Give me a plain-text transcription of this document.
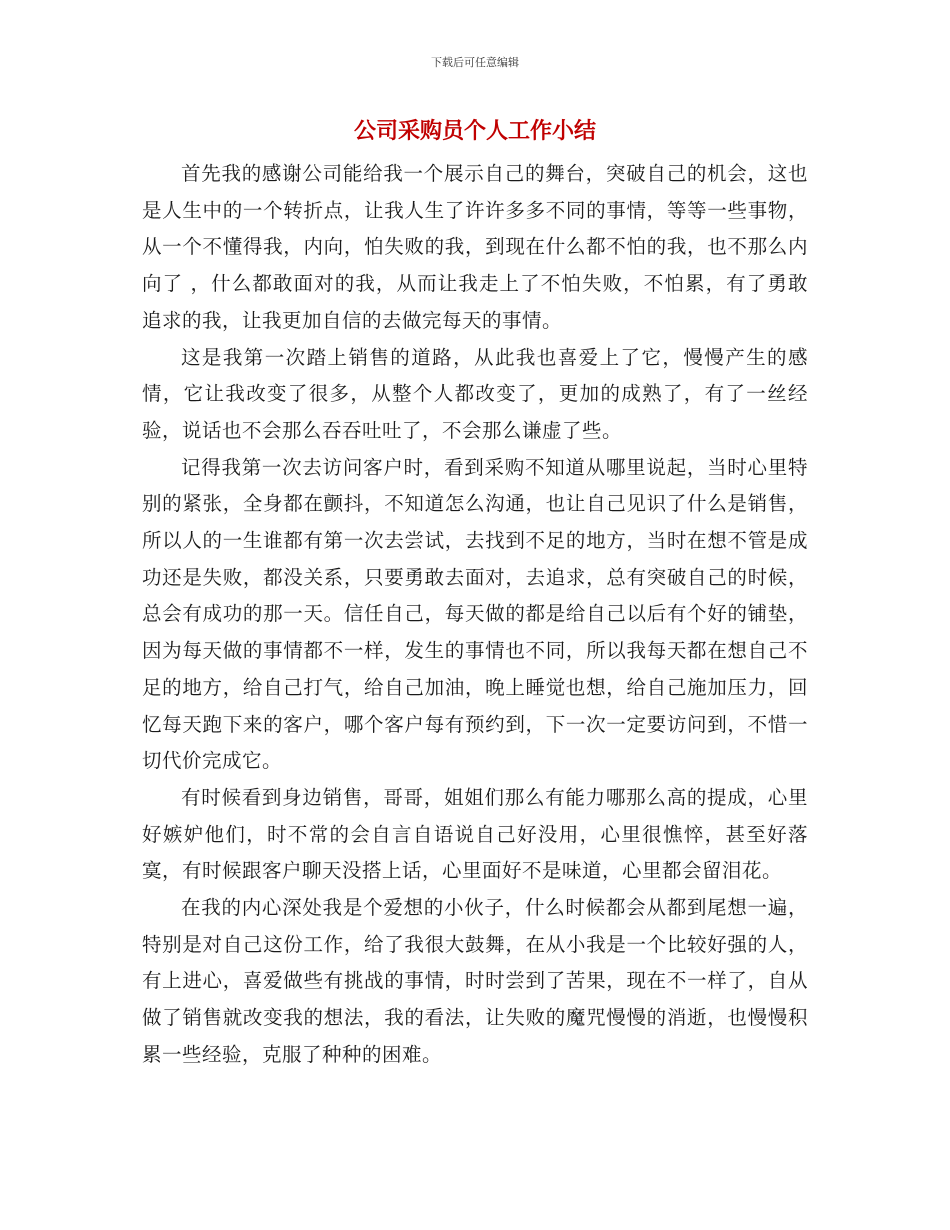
下载后可任意编辑
公司采购员个人工作小结

首先我的感谢公司能给我一个展示自己的舞台，突破自己的机会，这也是人生中的一个转折点，让我人生了许许多多不同的事情，等等一些事物，从一个不懂得我，内向，怕失败的我，到现在什么都不怕的我，也不那么内向了 ，什么都敢面对的我，从而让我走上了不怕失败，不怕累，有了勇敢追求的我，让我更加自信的去做完每天的事情。

这是我第一次踏上销售的道路，从此我也喜爱上了它，慢慢产生的感情，它让我改变了很多，从整个人都改变了，更加的成熟了，有了一丝经验，说话也不会那么吞吞吐吐了，不会那么谦虚了些。

记得我第一次去访问客户时，看到采购不知道从哪里说起，当时心里特别的紧张，全身都在颤抖，不知道怎么沟通，也让自己见识了什么是销售，所以人的一生谁都有第一次去尝试，去找到不足的地方，当时在想不管是成功还是失败，都没关系，只要勇敢去面对，去追求，总有突破自己的时候，总会有成功的那一天。信任自己，每天做的都是给自己以后有个好的铺垫，因为每天做的事情都不一样，发生的事情也不同，所以我每天都在想自己不足的地方，给自己打气，给自己加油，晚上睡觉也想，给自己施加压力，回忆每天跑下来的客户，哪个客户每有预约到，下一次一定要访问到，不惜一切代价完成它。

有时候看到身边销售，哥哥，姐姐们那么有能力哪那么高的提成，心里好嫉妒他们，时不常的会自言自语说自己好没用，心里很憔悴，甚至好落寞，有时候跟客户聊天没搭上话，心里面好不是味道，心里都会留泪花。

在我的内心深处我是个爱想的小伙子，什么时候都会从都到尾想一遍，特别是对自己这份工作，给了我很大鼓舞，在从小我是一个比较好强的人，有上进心，喜爱做些有挑战的事情，时时尝到了苦果，现在不一样了，自从做了销售就改变我的想法，我的看法，让失败的魔咒慢慢的消逝，也慢慢积累一些经验，克服了种种的困难。
